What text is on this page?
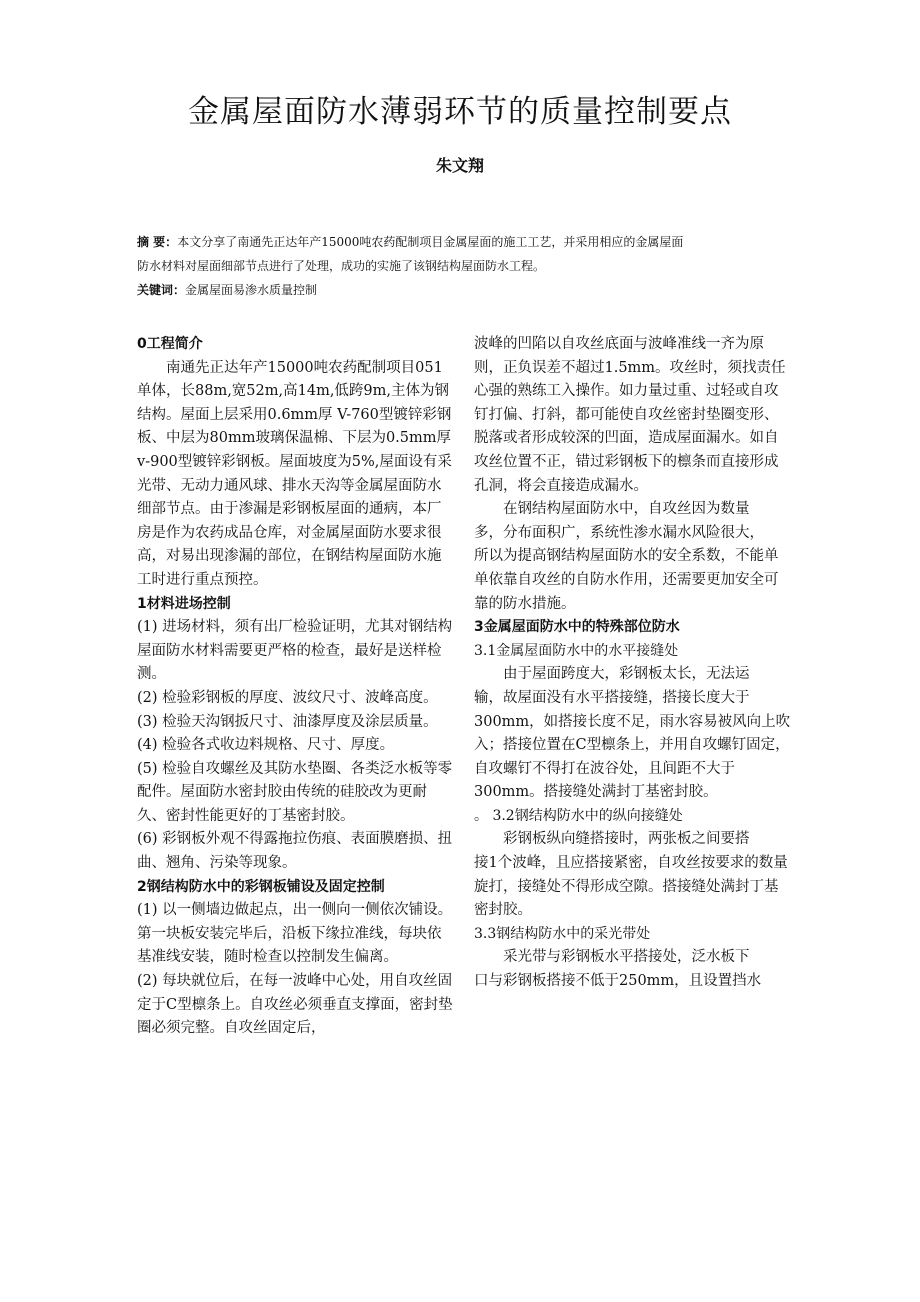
金属屋面防水薄弱环节的质量控制要点
朱文翔

摘 要：本文分享了南通先正达年产15000吨农药配制项目金属屋面的施工工艺，并采用相应的金属屋面

防水材料对屋面细部节点进行了处理，成功的实施了该钢结构屋面防水工程。

关键词：金属屋面易渗水质量控制

0工程简介

南通先正达年产15000吨农药配制项目051单体，长88m,宽52m,高14m,低跨9m,主体为钢结构。屋面上层采用0.6mm厚 V-760型镀锌彩钢板、中层为80mm玻璃保温棉、下层为0.5mm厚v-900型镀锌彩钢板。屋面坡度为5%,屋面设有采光带、无动力通风球、排水天沟等金属屋面防水细部节点。由于渗漏是彩钢板屋面的通病，本厂房是作为农药成品仓库，对金属屋面防水要求很高，对易出现渗漏的部位，在钢结构屋面防水施工时进行重点预控。

1材料进场控制

(1) 进场材料，须有出厂检验证明，尤其对钢结构屋面防水材料需要更严格的检查，最好是送样检测。

(2) 检验彩钢板的厚度、波纹尺寸、波峰高度。

(3) 检验天沟钢扳尺寸、油漆厚度及涂层质量。

(4) 检验各式收边料规格、尺寸、厚度。

(5) 检验自攻螺丝及其防水垫圈、各类泛水板等零配件。屋面防水密封胶由传统的硅胶改为更耐久、密封性能更好的丁基密封胶。

(6) 彩钢板外观不得露拖拉伤痕、表面膜磨损、扭曲、翘角、污染等现象。

2钢结构防水中的彩钢板铺设及固定控制

(1) 以一侧墙边做起点，出一侧向一侧依次铺设。第一块板安装完毕后，沿板下缘拉准线，每块依基准线安装，随时检查以控制发生偏离。

(2) 每块就位后，在每一波峰中心处，用自攻丝固定于C型檩条上。自攻丝必须垂直支撑面，密封垫圈必须完整。自攻丝固定后，

波峰的凹陷以自攻丝底面与波峰准线一齐为原则，正负误差不超过1.5mm。攻丝时，须找责任心强的熟练工入操作。如力量过重、过轻或自攻钉打偏、打斜，都可能使自攻丝密封垫圈变形、脱落或者形成较深的凹面，造成屋面漏水。如自攻丝位置不正，错过彩钢板下的檩条而直接形成孔洞，将会直接造成漏水。

在钢结构屋面防水中，自攻丝因为数量

多，分布面积广，系统性渗水漏水风险很大，

所以为提高钢结构屋面防水的安全系数，不能单单依靠自攻丝的自防水作用，还需要更加安全可靠的防水措施。

3金属屋面防水中的特殊部位防水

3.1金属屋面防水中的水平接缝处

由于屋面跨度大，彩钢板太长，无法运

输，故屋面没有水平搭接缝，搭接长度大于300mm，如搭接长度不足，雨水容易被风向上吹入；搭接位置在C型檩条上，并用自攻螺钉固定，自攻螺钉不得打在波谷处，且间距不大于300mm。搭接缝处满封丁基密封胶。

。 3.2钢结构防水中的纵向接缝处

彩钢板纵向缝搭接时，两张板之间要搭

接1个波峰，且应搭接紧密，自攻丝按要求的数量旋打，接缝处不得形成空隙。搭接缝处满封丁基密封胶。

3.3钢结构防水中的采光带处

采光带与彩钢板水平搭接处，泛水板下

口与彩钢板搭接不低于250mm，且设置挡水
